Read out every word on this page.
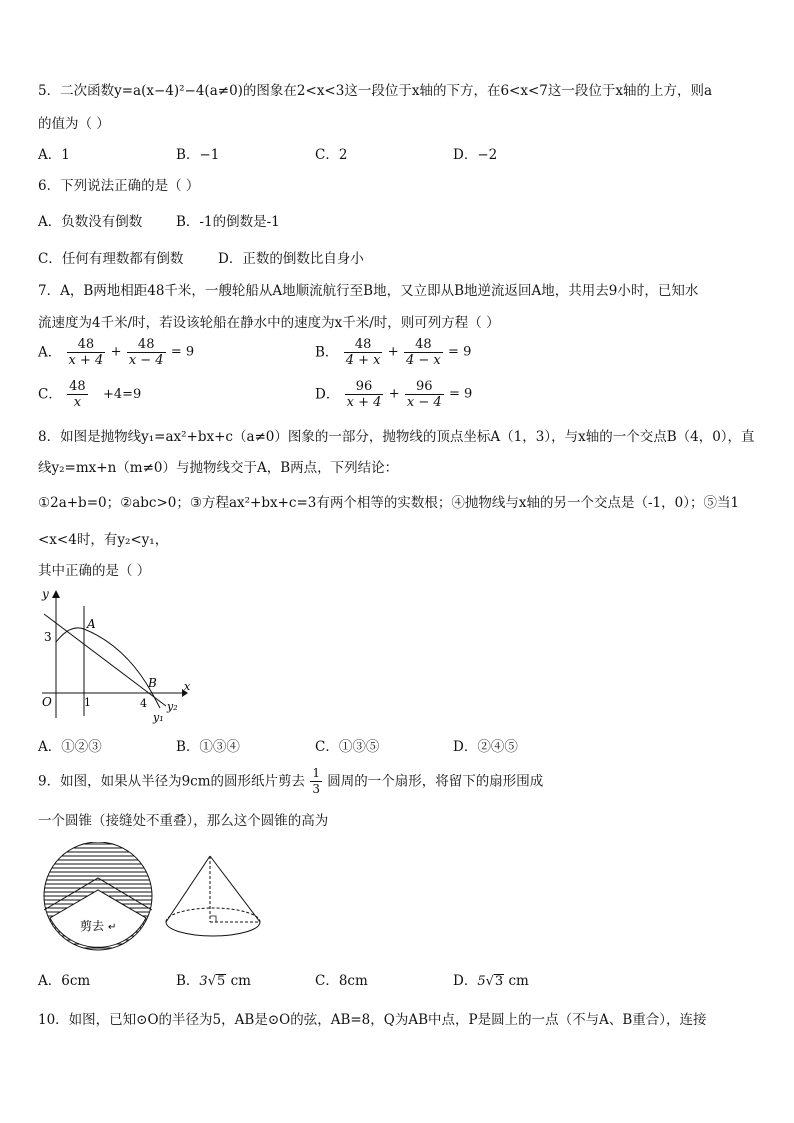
5．二次函数y=a(x−4)²−4(a≠0)的图象在2<x<3这一段位于x轴的下方，在6<x<7这一段位于x轴的上方，则a
的值为（ ）
A．1	B．−1	C．2	D．−2
6．下列说法正确的是（ ）
A．负数没有倒数	B．-1的倒数是-1
C．任何有理数都有倒数	D．正数的倒数比自身小
7．A，B两地相距48千米，一艘轮船从A地顺流航行至B地，又立即从B地逆流返回A地，共用去9小时，已知水
流速度为4千米/时，若设该轮船在静水中的速度为x千米/时，则可列方程（ ）
A． $\frac{48}{x + 4} + \frac{48}{x - 4} = 9$	B． $\frac{48}{4 + x} + \frac{48}{4 - x} = 9$
C． $\frac{48}{x} +4=9$	D． $\frac{96}{x + 4} + \frac{96}{x - 4} = 9$
8．如图是抛物线y₁=ax²+bx+c（a≠0）图象的一部分，抛物线的顶点坐标A（1，3），与x轴的一个交点B（4，0），直
线y₂=mx+n（m≠0）与抛物线交于A，B两点，下列结论：
①2a+b=0；②abc>0；③方程ax²+bx+c=3有两个相等的实数根；④抛物线与x轴的另一个交点是（-1，0）；⑤当1
<x<4时，有y₂<y₁，
其中正确的是（ ）
y
x
3
A
B
O	1	4
y₁
y₂
A．①②③	B．①③④	C．①③⑤	D．②④⑤
9．如图，如果从半径为9cm的圆形纸片剪去 $\frac{1}{3}$ 圆周的一个扇形，将留下的扇形围成
一个圆锥（接缝处不重叠），那么这个圆锥的高为
剪去 ↵
A．6cm	B．3√5 cm	C．8cm	D．5√3 cm
10．如图，已知⊙O的半径为5，AB是⊙O的弦，AB=8，Q为AB中点，P是圆上的一点（不与A、B重合），连接
